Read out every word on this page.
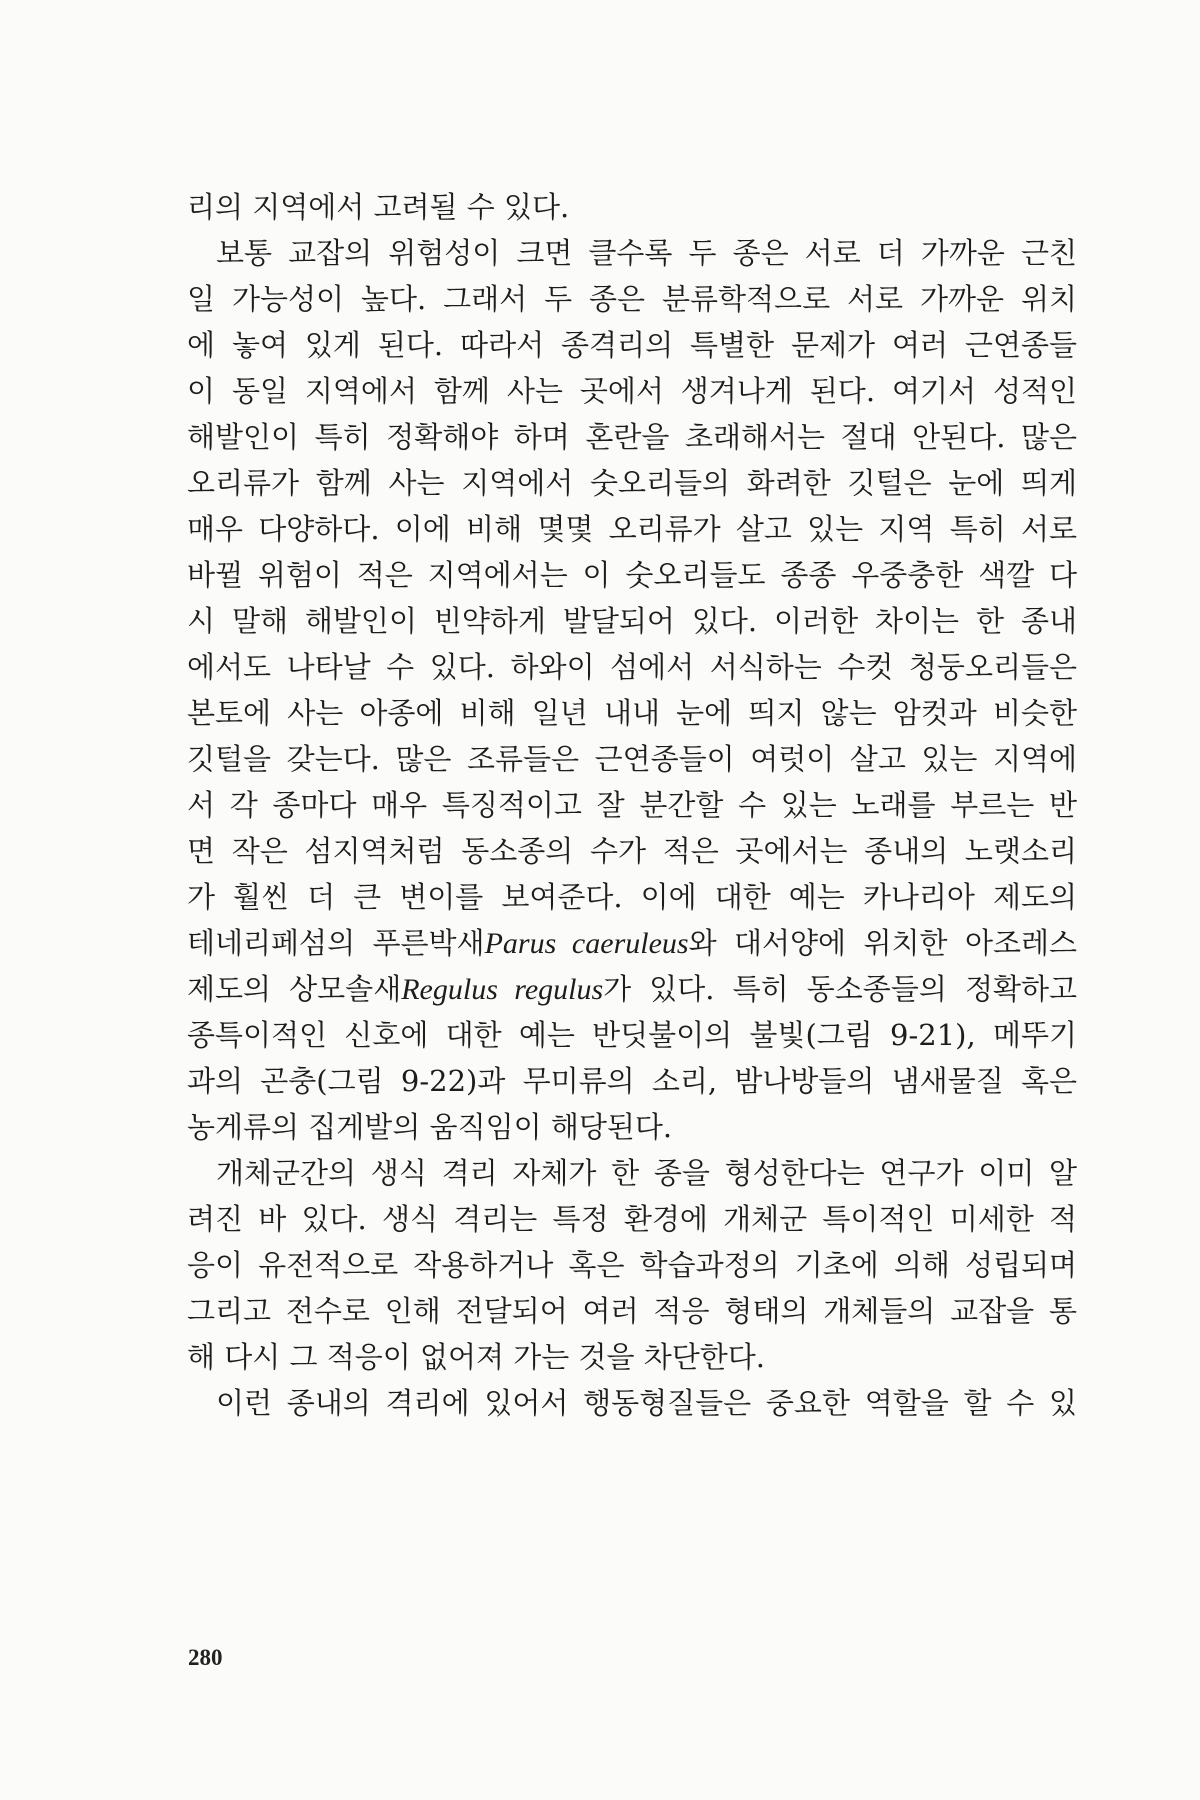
리의 지역에서 고려될 수 있다.
보통 교잡의 위험성이 크면 클수록 두 종은 서로 더 가까운 근친
일 가능성이 높다. 그래서 두 종은 분류학적으로 서로 가까운 위치
에 놓여 있게 된다. 따라서 종격리의 특별한 문제가 여러 근연종들
이 동일 지역에서 함께 사는 곳에서 생겨나게 된다. 여기서 성적인
해발인이 특히 정확해야 하며 혼란을 초래해서는 절대 안된다. 많은
오리류가 함께 사는 지역에서 숫오리들의 화려한 깃털은 눈에 띄게
매우 다양하다. 이에 비해 몇몇 오리류가 살고 있는 지역 특히 서로
바뀔 위험이 적은 지역에서는 이 숫오리들도 종종 우중충한 색깔 다
시 말해 해발인이 빈약하게 발달되어 있다. 이러한 차이는 한 종내
에서도 나타날 수 있다. 하와이 섬에서 서식하는 수컷 청둥오리들은
본토에 사는 아종에 비해 일년 내내 눈에 띄지 않는 암컷과 비슷한
깃털을 갖는다. 많은 조류들은 근연종들이 여럿이 살고 있는 지역에
서 각 종마다 매우 특징적이고 잘 분간할 수 있는 노래를 부르는 반
면 작은 섬지역처럼 동소종의 수가 적은 곳에서는 종내의 노랫소리
가 훨씬 더 큰 변이를 보여준다. 이에 대한 예는 카나리아 제도의
테네리페섬의 푸른박새Parus caeruleus와 대서양에 위치한 아조레스
제도의 상모솔새Regulus regulus가 있다. 특히 동소종들의 정확하고
종특이적인 신호에 대한 예는 반딧불이의 불빛(그림 9-21), 메뚜기
과의 곤충(그림 9-22)과 무미류의 소리, 밤나방들의 냄새물질 혹은
농게류의 집게발의 움직임이 해당된다.
개체군간의 생식 격리 자체가 한 종을 형성한다는 연구가 이미 알
려진 바 있다. 생식 격리는 특정 환경에 개체군 특이적인 미세한 적
응이 유전적으로 작용하거나 혹은 학습과정의 기초에 의해 성립되며
그리고 전수로 인해 전달되어 여러 적응 형태의 개체들의 교잡을 통
해 다시 그 적응이 없어져 가는 것을 차단한다.
이런 종내의 격리에 있어서 행동형질들은 중요한 역할을 할 수 있
280
